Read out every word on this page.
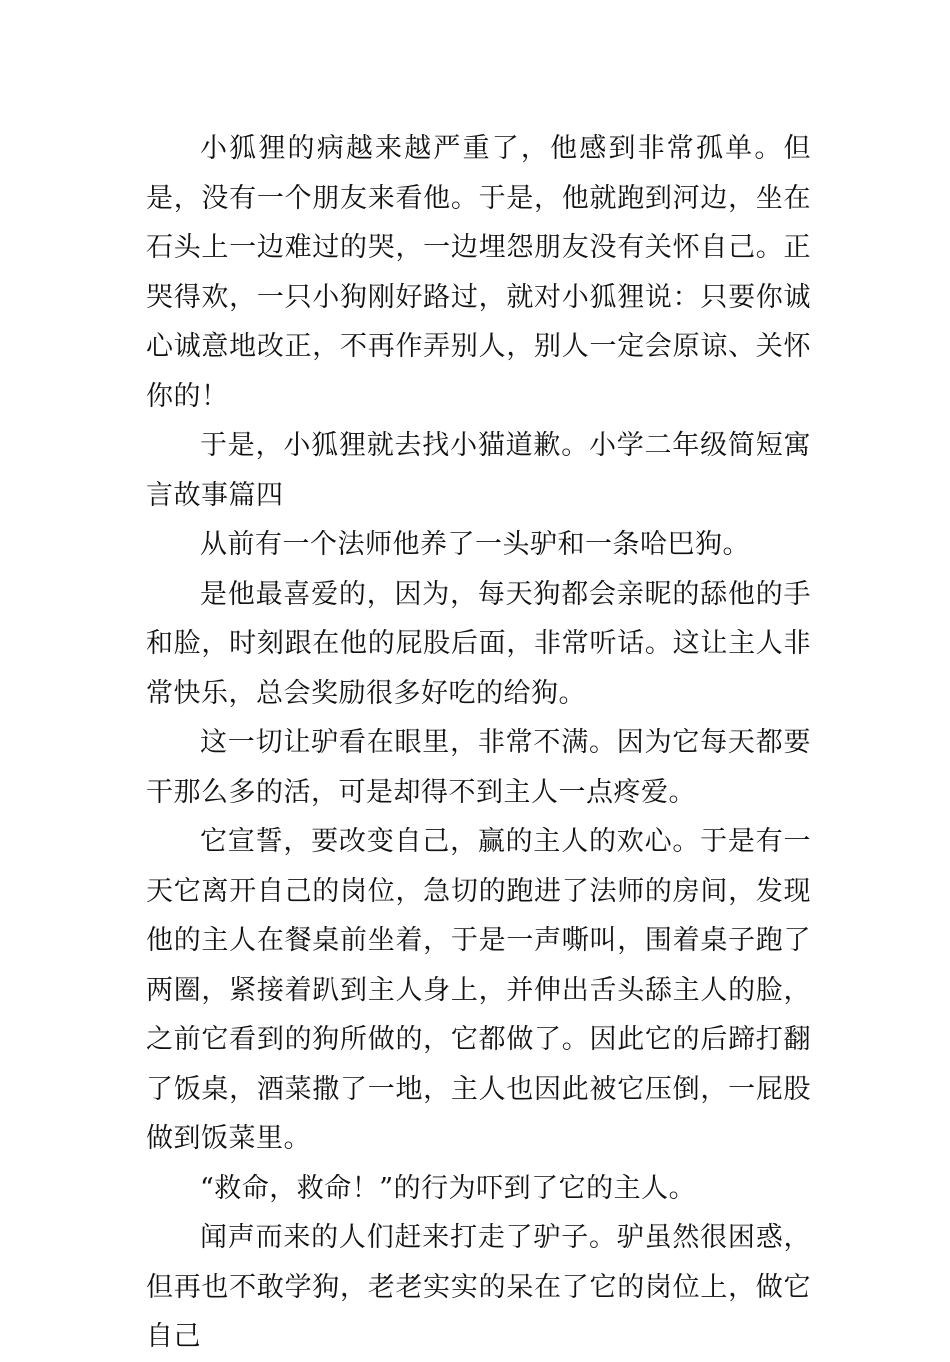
小狐狸的病越来越严重了，他感到非常孤单。但是，没有一个朋友来看他。于是，他就跑到河边，坐在石头上一边难过的哭，一边埋怨朋友没有关怀自己。正哭得欢，一只小狗刚好路过，就对小狐狸说：只要你诚心诚意地改正，不再作弄别人，别人一定会原谅、关怀你的！

于是，小狐狸就去找小猫道歉。小学二年级简短寓言故事篇四

从前有一个法师他养了一头驴和一条哈巴狗。

是他最喜爱的，因为，每天狗都会亲昵的舔他的手和脸，时刻跟在他的屁股后面，非常听话。这让主人非常快乐，总会奖励很多好吃的给狗。

这一切让驴看在眼里，非常不满。因为它每天都要干那么多的活，可是却得不到主人一点疼爱。

它宣誓，要改变自己，赢的主人的欢心。于是有一天它离开自己的岗位，急切的跑进了法师的房间，发现他的主人在餐桌前坐着，于是一声嘶叫，围着桌子跑了两圈，紧接着趴到主人身上，并伸出舌头舔主人的脸，之前它看到的狗所做的，它都做了。因此它的后蹄打翻了饭桌，酒菜撒了一地，主人也因此被它压倒，一屁股做到饭菜里。

“救命，救命！”的行为吓到了它的主人。

闻声而来的人们赶来打走了驴子。驴虽然很困惑，但再也不敢学狗，老老实实的呆在了它的岗位上，做它自己
